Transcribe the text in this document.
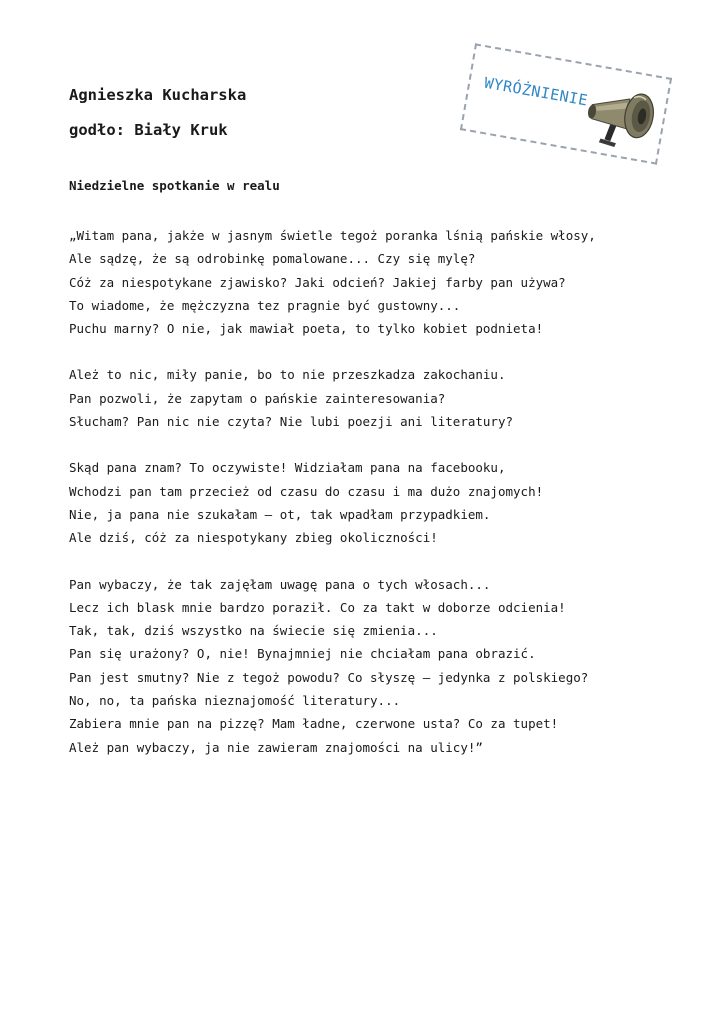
Agnieszka Kucharska
godło: Biały Kruk
WYRÓŻNIENIE
Niedzielne spotkanie w realu
„Witam pana, jakże w jasnym świetle tegoż poranka lśnią pańskie włosy,
Ale sądzę, że są odrobinkę pomalowane... Czy się mylę?
Cóż za niespotykane zjawisko? Jaki odcień? Jakiej farby pan używa?
To wiadome, że mężczyzna tez pragnie być gustowny...
Puchu marny? O nie, jak mawiał poeta, to tylko kobiet podnieta!
Ależ to nic, miły panie, bo to nie przeszkadza zakochaniu.
Pan pozwoli, że zapytam o pańskie zainteresowania?
Słucham? Pan nic nie czyta? Nie lubi poezji ani literatury?
Skąd pana znam? To oczywiste! Widziałam pana na facebooku,
Wchodzi pan tam przecież od czasu do czasu i ma dużo znajomych!
Nie, ja pana nie szukałam – ot, tak wpadłam przypadkiem.
Ale dziś, cóż za niespotykany zbieg okoliczności!
Pan wybaczy, że tak zajęłam uwagę pana o tych włosach...
Lecz ich blask mnie bardzo poraził. Co za takt w doborze odcienia!
Tak, tak, dziś wszystko na świecie się zmienia...
Pan się urażony? O, nie! Bynajmniej nie chciałam pana obrazić.
Pan jest smutny? Nie z tegoż powodu? Co słyszę – jedynka z polskiego?
No, no, ta pańska nieznajomość literatury...
Zabiera mnie pan na pizzę? Mam ładne, czerwone usta? Co za tupet!
Ależ pan wybaczy, ja nie zawieram znajomości na ulicy!”
